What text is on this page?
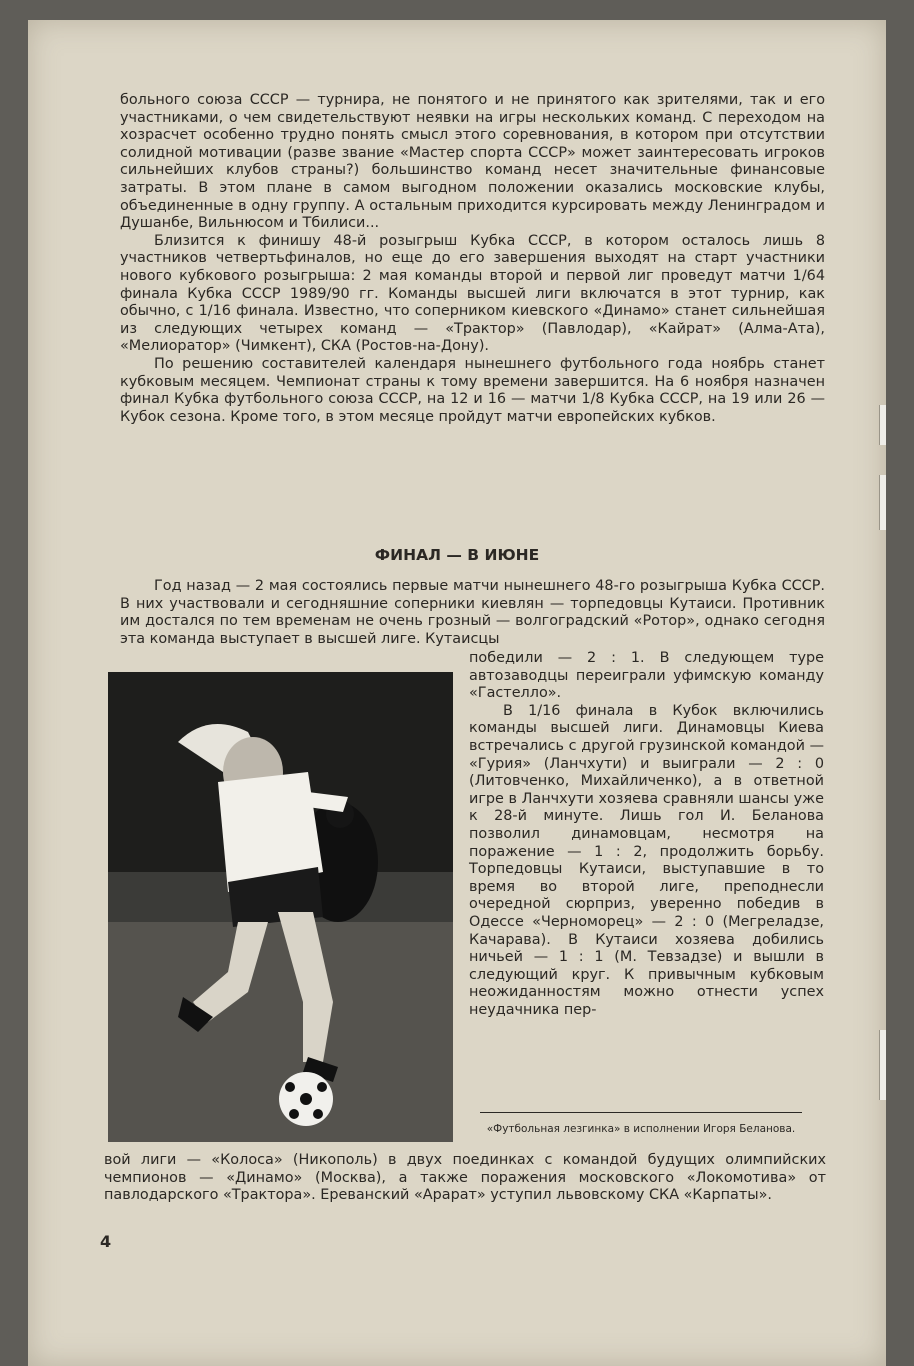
больного союза СССР — турнира, не понятого и не принятого как зрителями, так и его участниками, о чем свидетельствуют неявки на игры нескольких команд. С переходом на хозрасчет особенно трудно понять смысл этого соревнования, в котором при отсутствии солидной мотивации (разве звание «Мастер спорта СССР» может заинтересовать игроков сильнейших клубов страны?) большинство команд несет значительные финансовые затраты. В этом плане в самом выгодном положении оказались московские клубы, объединенные в одну группу. А остальным приходится курсировать между Ленинградом и Душанбе, Вильнюсом и Тбилиси...

Близится к финишу 48-й розыгрыш Кубка СССР, в котором осталось лишь 8 участников четвертьфиналов, но еще до его завершения выходят на старт участники нового кубкового розыгрыша: 2 мая команды второй и первой лиг проведут матчи 1/64 финала Кубка СССР 1989/90 гг. Команды высшей лиги включатся в этот турнир, как обычно, с 1/16 финала. Известно, что соперником киевского «Динамо» станет сильнейшая из следующих четырех команд — «Трактор» (Павлодар), «Кайрат» (Алма-Ата), «Мелиоратор» (Чимкент), СКА (Ростов-на-Дону).

По решению составителей календаря нынешнего футбольного года ноябрь станет кубковым месяцем. Чемпионат страны к тому времени завершится. На 6 ноября назначен финал Кубка футбольного союза СССР, на 12 и 16 — матчи 1/8 Кубка СССР, на 19 или 26 — Кубок сезона. Кроме того, в этом месяце пройдут матчи европейских кубков.

ФИНАЛ — В ИЮНЕ

Год назад — 2 мая состоялись первые матчи нынешнего 48-го розыгрыша Кубка СССР. В них участвовали и сегодняшние соперники киевлян — торпедовцы Кутаиси. Противник им достался по тем временам не очень грозный — волгоградский «Ротор», однако сегодня эта команда выступает в высшей лиге. Кутаисцы

победили — 2 : 1. В следующем туре автозаводцы переиграли уфимскую команду «Гастелло».

В 1/16 финала в Кубок включились команды высшей лиги. Динамовцы Киева встречались с другой грузинской командой — «Гурия» (Ланчхути) и выиграли — 2 : 0 (Литовченко, Михайличенко), а в ответной игре в Ланчхути хозяева сравняли шансы уже к 28-й минуте. Лишь гол И. Беланова позволил динамовцам, несмотря на поражение — 1 : 2, продолжить борьбу. Торпедовцы Кутаиси, выступавшие в то время во второй лиге, преподнесли очередной сюрприз, уверенно победив в Одессе «Черноморец» — 2 : 0 (Мегреладзе, Качарава). В Кутаиси хозяева добились ничьей — 1 : 1 (М. Тевзадзе) и вышли в следующий круг. К привычным кубковым неожиданностям можно отнести успех неудачника пер-

«Футбольная лезгинка» в исполнении Игоря Беланова.

вой лиги — «Колоса» (Никополь) в двух поединках с командой будущих олимпийских чемпионов — «Динамо» (Москва), а также поражения московского «Локомотива» от павлодарского «Трактора». Ереванский «Арарат» уступил львовскому СКА «Карпаты».

4
